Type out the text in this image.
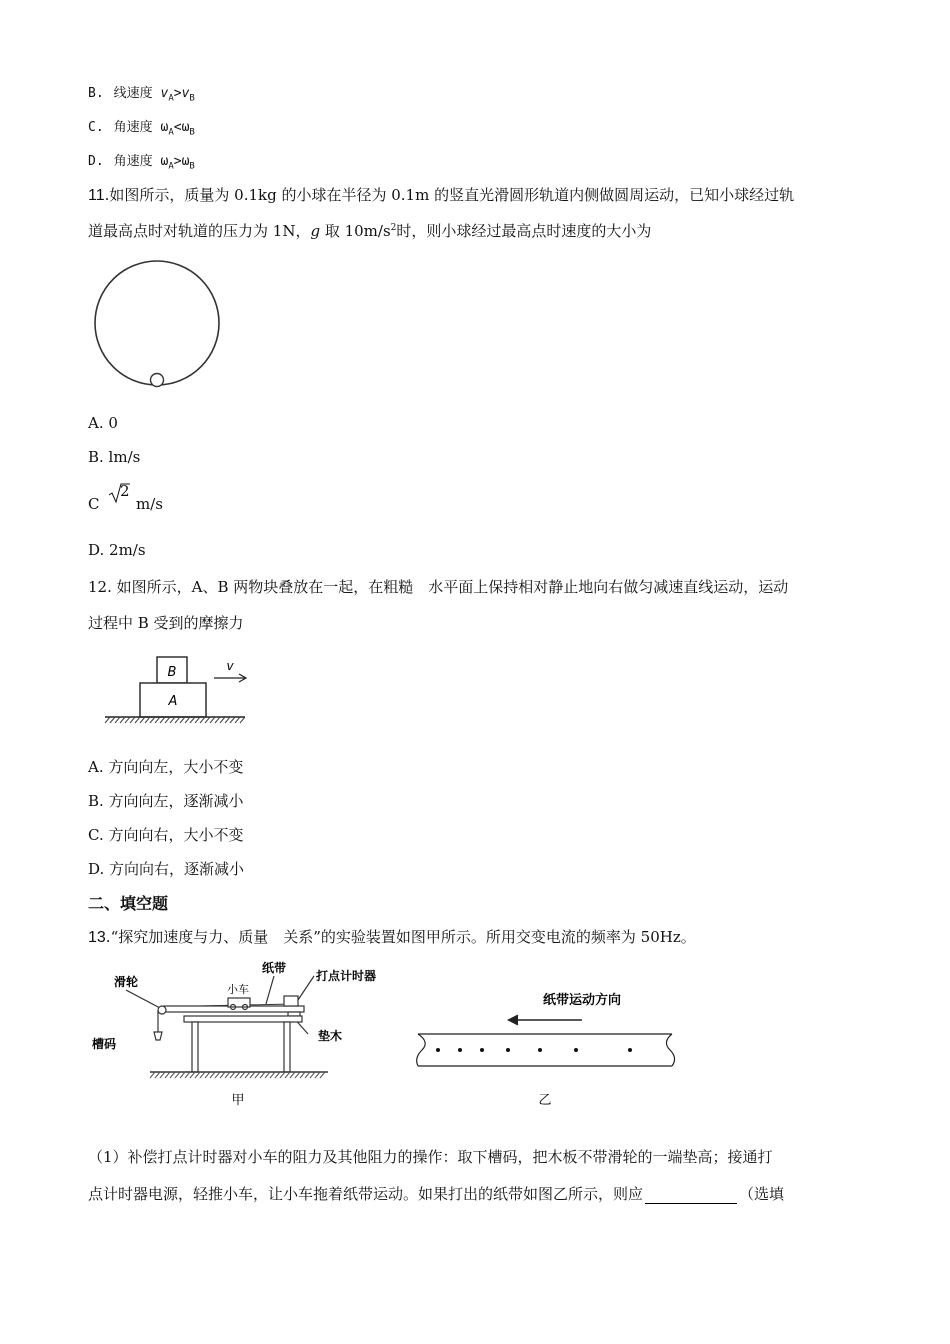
B. 线速度 $v_A>v_B$
C. 角速度 $\omega_A<\omega_B$
D. 角速度 $\omega_A>\omega_B$
11.如图所示，质量为 0.1kg 的小球在半径为 0.1m 的竖直光滑圆形轨道内侧做圆周运动，已知小球经过轨
道最高点时对轨道的压力为 1N，g 取 $10m/s^2$时，则小球经过最高点时速度的大小为
A. 0
B. lm/s
C
2
m/s
D. 2m/s
12. 如图所示，A、B 两物块叠放在一起，在粗糙　水平面上保持相对静止地向右做匀减速直线运动，运动
过程中 B 受到的摩擦力
B
A
v
A. 方向向左，大小不变
B. 方向向左，逐渐减小
C. 方向向右，大小不变
D. 方向向右，逐渐减小
二、填空题
13.“探究加速度与力、质量　关系”的实验装置如图甲所示。所用交变电流的频率为 50Hz。
滑轮
纸带
小车
打点计时器
槽码
垫木
甲
纸带运动方向
乙
（1）补偿打点计时器对小车的阻力及其他阻力的操作：取下槽码，把木板不带滑轮的一端垫高；接通打
点计时器电源，轻推小车，让小车拖着纸带运动。如果打出的纸带如图乙所示，则应	（选填
